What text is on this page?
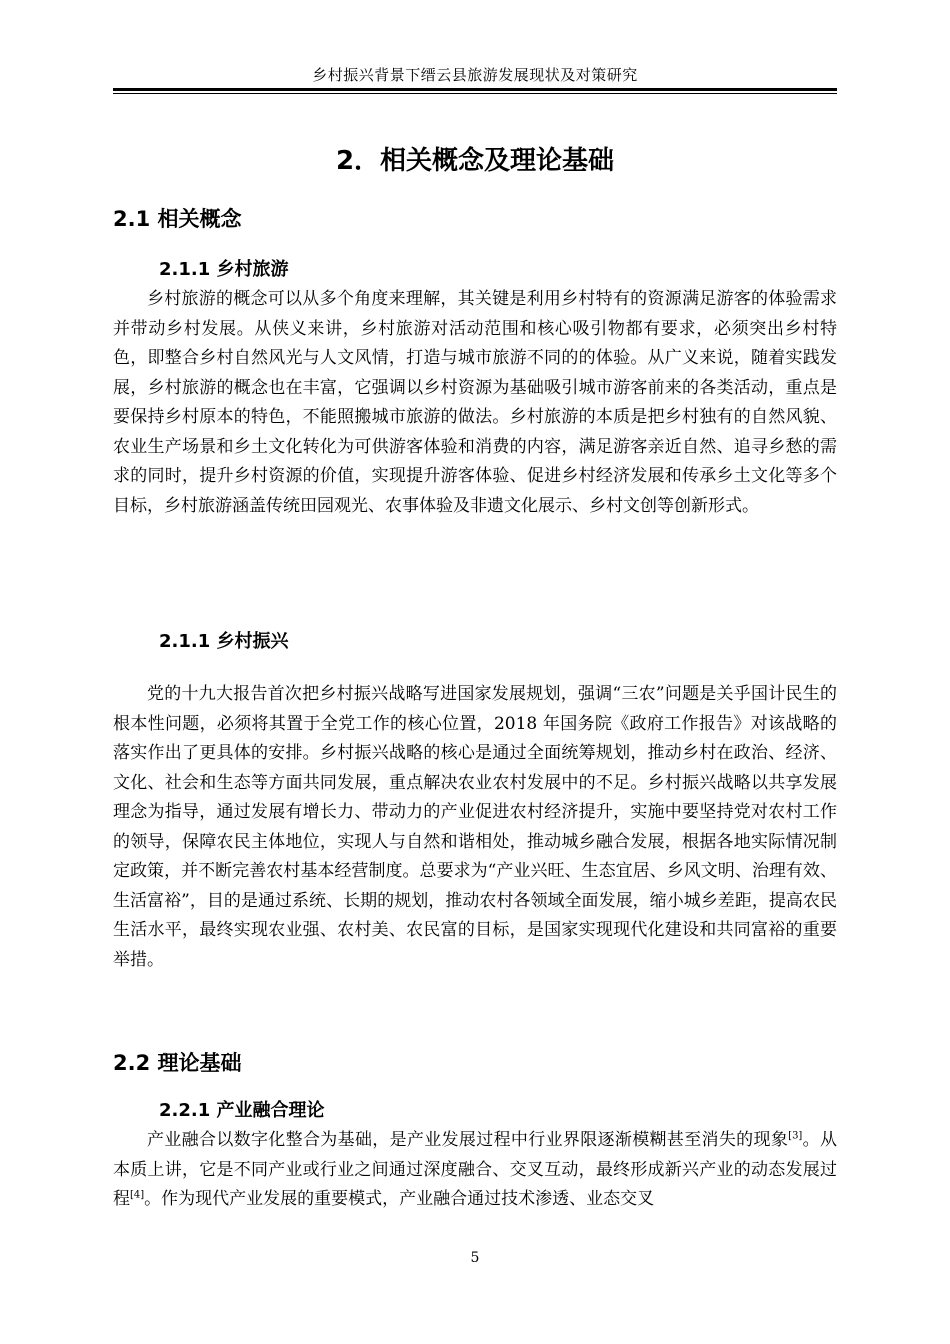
乡村振兴背景下缙云县旅游发展现状及对策研究
2．相关概念及理论基础
2.1 相关概念
2.1.1 乡村旅游

乡村旅游的概念可以从多个角度来理解，其关键是利用乡村特有的资源满足游客的体验需求并带动乡村发展。从侠义来讲，乡村旅游对活动范围和核心吸引物都有要求，必须突出乡村特色，即整合乡村自然风光与人文风情，打造与城市旅游不同的的体验。从广义来说，随着实践发展，乡村旅游的概念也在丰富，它强调以乡村资源为基础吸引城市游客前来的各类活动，重点是要保持乡村原本的特色，不能照搬城市旅游的做法。乡村旅游的本质是把乡村独有的自然风貌、农业生产场景和乡土文化转化为可供游客体验和消费的内容，满足游客亲近自然、追寻乡愁的需求的同时，提升乡村资源的价值，实现提升游客体验、促进乡村经济发展和传承乡土文化等多个目标，乡村旅游涵盖传统田园观光、农事体验及非遗文化展示、乡村文创等创新形式。

2.1.1 乡村振兴

党的十九大报告首次把乡村振兴战略写进国家发展规划，强调“三农”问题是关乎国计民生的根本性问题，必须将其置于全党工作的核心位置，2018 年国务院《政府工作报告》对该战略的落实作出了更具体的安排。乡村振兴战略的核心是通过全面统筹规划，推动乡村在政治、经济、文化、社会和生态等方面共同发展，重点解决农业农村发展中的不足。乡村振兴战略以共享发展理念为指导，通过发展有增长力、带动力的产业促进农村经济提升，实施中要坚持党对农村工作的领导，保障农民主体地位，实现人与自然和谐相处，推动城乡融合发展，根据各地实际情况制定政策，并不断完善农村基本经营制度。总要求为“产业兴旺、生态宜居、乡风文明、治理有效、生活富裕”，目的是通过系统、长期的规划，推动农村各领域全面发展，缩小城乡差距，提高农民生活水平，最终实现农业强、农村美、农民富的目标，是国家实现现代化建设和共同富裕的重要举措。

2.2 理论基础
2.2.1 产业融合理论

产业融合以数字化整合为基础，是产业发展过程中行业界限逐渐模糊甚至消失的现象[3]。从本质上讲，它是不同产业或行业之间通过深度融合、交叉互动，最终形成新兴产业的动态发展过程[4]。作为现代产业发展的重要模式，产业融合通过技术渗透、业态交叉

5
